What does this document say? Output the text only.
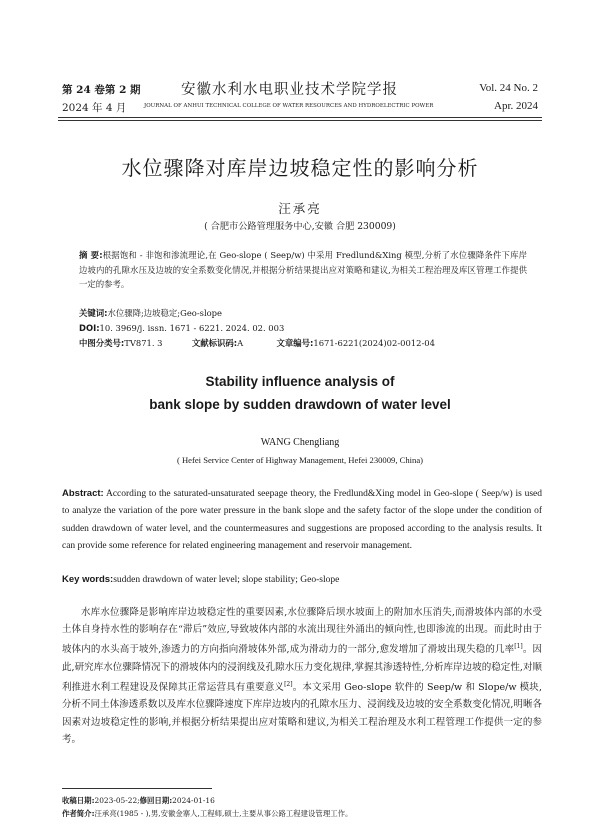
第 24 卷第 2 期
2024 年 4 月
安徽水利水电职业技术学院学报
JOURNAL OF ANHUI TECHNICAL COLLEGE OF WATER RESOURCES AND HYDROELECTRIC POWER
Vol. 24 No. 2
Apr. 2024
水位骤降对库岸边坡稳定性的影响分析
汪承亮
( 合肥市公路管理服务中心,安徽 合肥 230009)
摘 要:根据饱和 - 非饱和渗流理论,在 Geo-slope ( Seep/w) 中采用 Fredlund&Xing 模型,分析了水位骤降条件下库岸边坡内的孔隙水压及边坡的安全系数变化情况,并根据分析结果提出应对策略和建议,为相关工程治理及库区管理工作提供一定的参考。
关键词:水位骤降;边坡稳定;Geo-slope
DOI:10. 3969/j. issn. 1671 - 6221. 2024. 02. 003
中图分类号:TV871. 3	文献标识码:A	文章编号:1671-6221(2024)02-0012-04
Stability influence analysis of
bank slope by sudden drawdown of water level
WANG Chengliang
( Hefei Service Center of Highway Management, Hefei 230009, China)
Abstract: According to the saturated-unsaturated seepage theory, the Fredlund&Xing model in Geo-slope ( Seep/w) is used to analyze the variation of the pore water pressure in the bank slope and the safety factor of the slope under the condition of sudden drawdown of water level, and the countermeasures and suggestions are proposed according to the analysis results. It can provide some reference for related engineering management and reservoir management.
Key words:sudden drawdown of water level; slope stability; Geo-slope
水库水位骤降是影响库岸边坡稳定性的重要因素,水位骤降后坝水坡面上的附加水压消失,而滑坡体内部的水受土体自身持水性的影响存在“滞后”效应,导致坡体内部的水流出现往外涌出的倾向性,也即渗流的出现。而此时由于坡体内的水头高于坡外,渗透力的方向指向滑坡体外部,成为滑动力的一部分,愈发增加了滑坡出现失稳的几率[1]。因此,研究库水位骤降情况下的滑坡体内的浸润线及孔隙水压力变化规律,掌握其渗透特性,分析库岸边坡的稳定性,对顺利推进水利工程建设及保障其正常运营具有重要意义[2]。本文采用 Geo-slope 软件的 Seep/w 和 Slope/w 模块,分析不同土体渗透系数以及库水位骤降速度下库岸边坡内的孔隙水压力、浸润线及边坡的安全系数变化情况,明晰各因素对边坡稳定性的影响,并根据分析结果提出应对策略和建议,为相关工程治理及水利工程管理工作提供一定的参考。
收稿日期:2023-05-22;修回日期:2024-01-16
作者简介:汪承亮(1985 - ),男,安徽金寨人,工程师,硕士,主要从事公路工程建设管理工作。
